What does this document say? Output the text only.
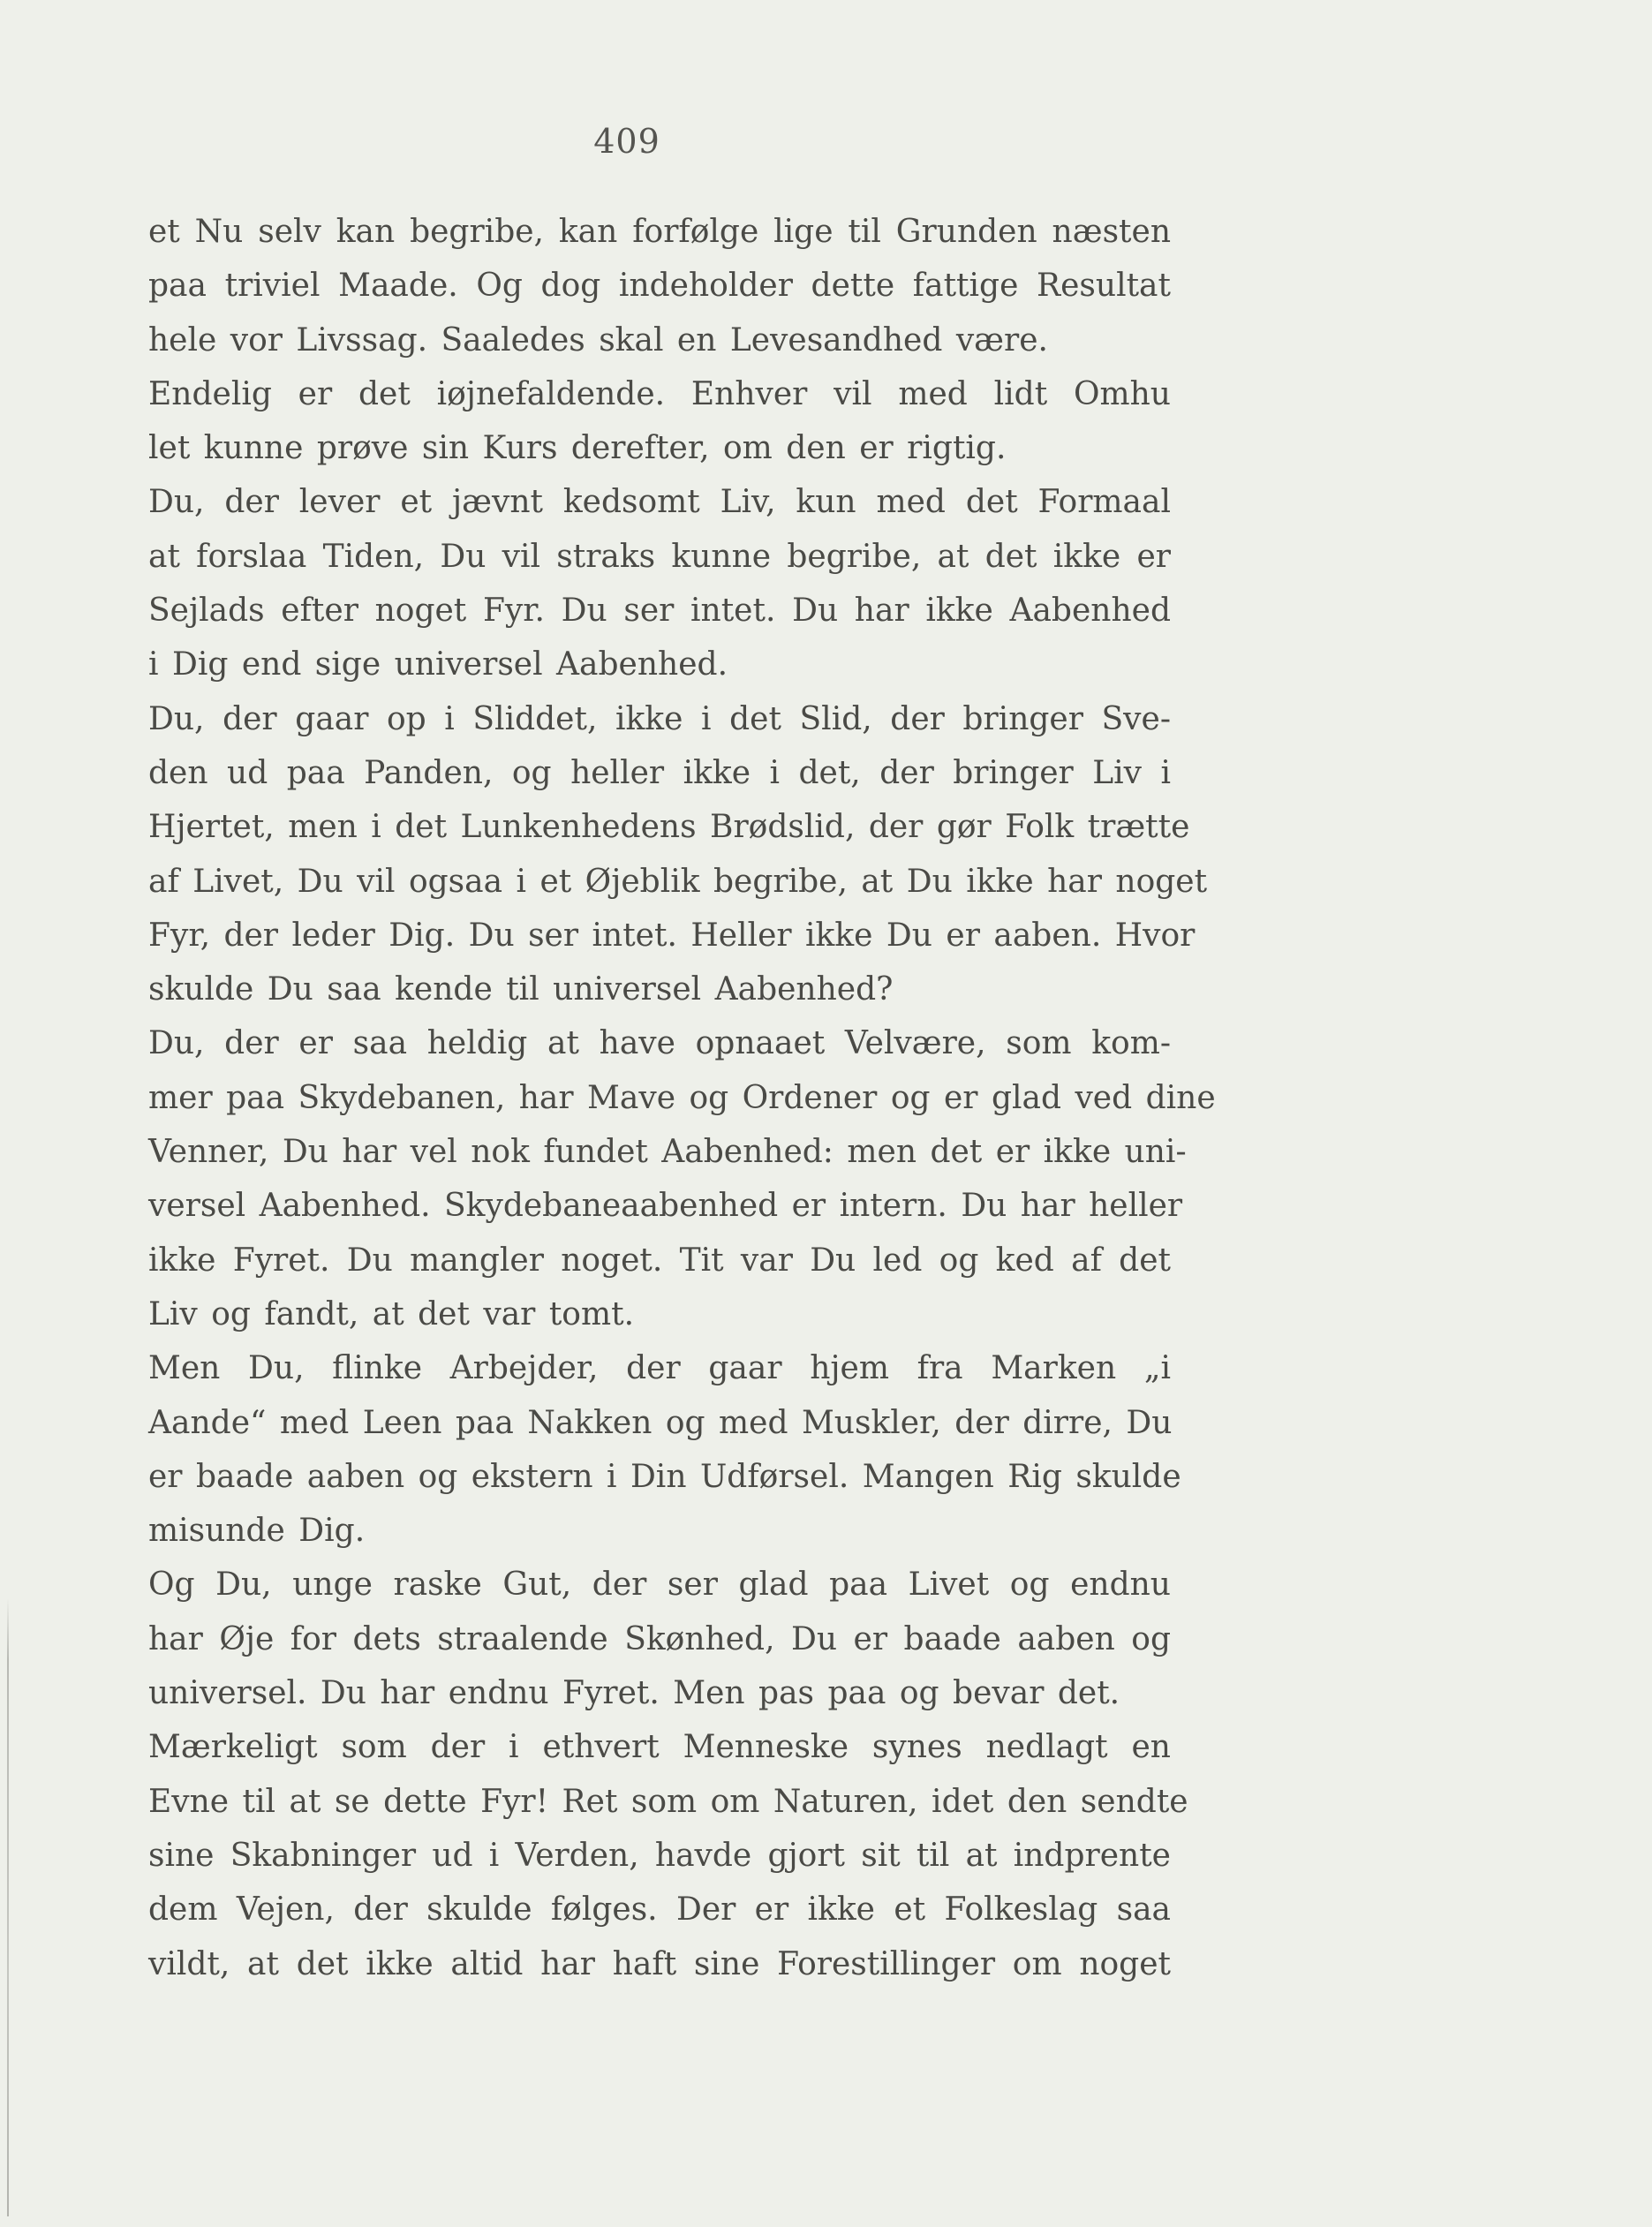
409
et Nu selv kan begribe, kan forfølge lige til Grunden næsten
paa triviel Maade. Og dog indeholder dette fattige Resultat
hele vor Livssag. Saaledes skal en Levesandhed være.
Endelig er det iøjnefaldende. Enhver vil med lidt Omhu
let kunne prøve sin Kurs derefter, om den er rigtig.
Du, der lever et jævnt kedsomt Liv, kun med det Formaal
at forslaa Tiden, Du vil straks kunne begribe, at det ikke er
Sejlads efter noget Fyr. Du ser intet. Du har ikke Aabenhed
i Dig end sige universel Aabenhed.
Du, der gaar op i Sliddet, ikke i det Slid, der bringer Sve-
den ud paa Panden, og heller ikke i det, der bringer Liv i
Hjertet, men i det Lunkenhedens Brødslid, der gør Folk trætte
af Livet, Du vil ogsaa i et Øjeblik begribe, at Du ikke har noget
Fyr, der leder Dig. Du ser intet. Heller ikke Du er aaben. Hvor
skulde Du saa kende til universel Aabenhed?
Du, der er saa heldig at have opnaaet Velvære, som kom-
mer paa Skydebanen, har Mave og Ordener og er glad ved dine
Venner, Du har vel nok fundet Aabenhed: men det er ikke uni-
versel Aabenhed. Skydebaneaabenhed er intern. Du har heller
ikke Fyret. Du mangler noget. Tit var Du led og ked af det
Liv og fandt, at det var tomt.
Men Du, flinke Arbejder, der gaar hjem fra Marken „i
Aande“ med Leen paa Nakken og med Muskler, der dirre, Du
er baade aaben og ekstern i Din Udførsel. Mangen Rig skulde
misunde Dig.
Og Du, unge raske Gut, der ser glad paa Livet og endnu
har Øje for dets straalende Skønhed, Du er baade aaben og
universel. Du har endnu Fyret. Men pas paa og bevar det.
Mærkeligt som der i ethvert Menneske synes nedlagt en
Evne til at se dette Fyr! Ret som om Naturen, idet den sendte
sine Skabninger ud i Verden, havde gjort sit til at indprente
dem Vejen, der skulde følges. Der er ikke et Folkeslag saa
vildt, at det ikke altid har haft sine Forestillinger om noget
